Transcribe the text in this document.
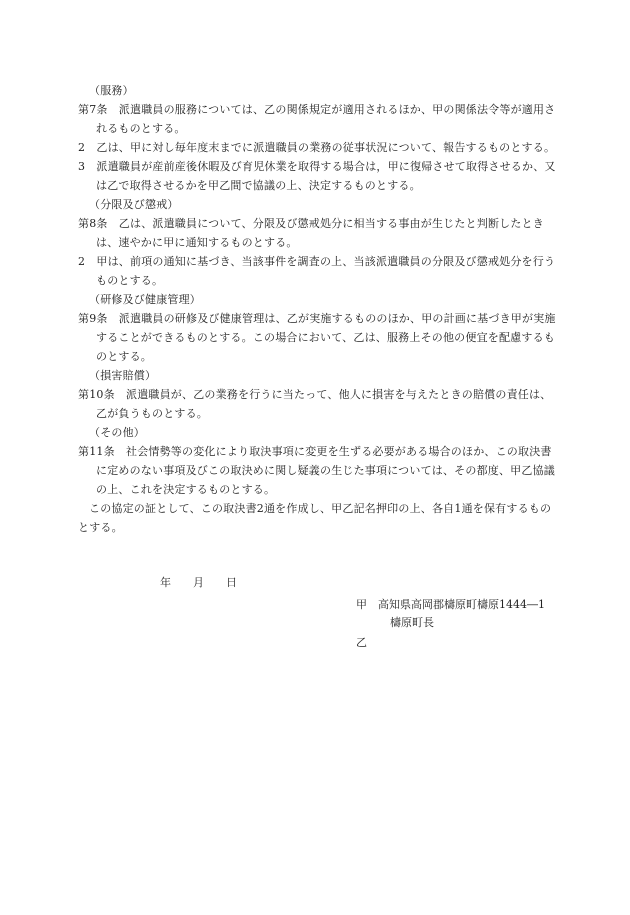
（服務）
第7条　派遣職員の服務については、乙の関係規定が適用されるほか、甲の関係法令等が適用されるものとする。
2　乙は、甲に対し毎年度末までに派遣職員の業務の従事状況について、報告するものとする。
3　派遣職員が産前産後休暇及び育児休業を取得する場合は，甲に復帰させて取得させるか、又は乙で取得させるかを甲乙間で協議の上、決定するものとする。
（分限及び懲戒）
第8条　乙は、派遣職員について、分限及び懲戒処分に相当する事由が生じたと判断したときは、速やかに甲に通知するものとする。
2　甲は、前項の通知に基づき、当該事件を調査の上、当該派遣職員の分限及び懲戒処分を行うものとする。
（研修及び健康管理）
第9条　派遣職員の研修及び健康管理は、乙が実施するもののほか、甲の計画に基づき甲が実施することができるものとする。この場合において、乙は、服務上その他の便宜を配慮するものとする。
（損害賠償）
第10条　派遣職員が、乙の業務を行うに当たって、他人に損害を与えたときの賠償の責任は、乙が負うものとする。
（その他）
第11条　社会情勢等の変化により取決事項に変更を生ずる必要がある場合のほか、この取決書に定めのない事項及びこの取決めに関し疑義の生じた事項については、その都度、甲乙協議の上、これを決定するものとする。
この協定の証として、この取決書2通を作成し、甲乙記名押印の上、各自1通を保有するものとする。
年　　月　　日
甲 高知県高岡郡檮原町檮原1444―1
檮原町長
乙
